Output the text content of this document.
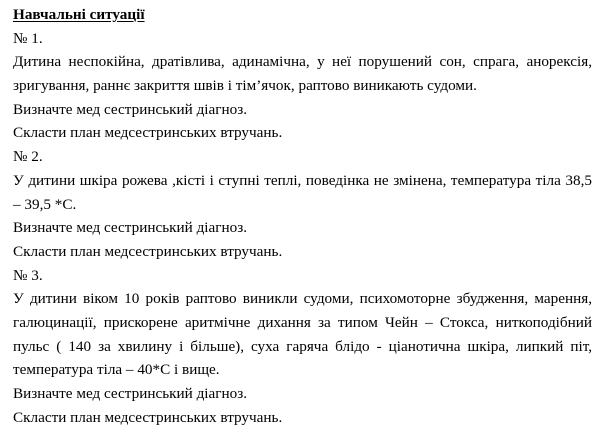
Навчальні ситуації
№ 1.
Дитина неспокійна, дратівлива, адинамічна, у неї порушений сон, спрага, анорексія,
зригування, раннє закриття швів і тім’ячок, раптово виникають судоми.
Визначте мед сестринський діагноз.
Склaсти план медсестринських втручань.
№ 2.
У дитини шкіра рожева ,кісті і ступні теплі, поведінка не змінена, температура тіла 38,5
– 39,5 *С.
Визначте мед сестринський діагноз.
Склaсти план медсестринських втручань.
№ 3.
У дитини віком 10 років раптово виникли судоми, психомоторне збудження, марення,
галюцинації, прискорене аритмічне дихання за типом Чейн – Стокса, ниткоподібний
пульс ( 140 за хвилину і більше), суха гаряча блідо - ціанотична шкіра, липкий піт,
температура тіла – 40*С і вище.
Визначте мед сестринський діагноз.
Склaсти план медсестринських втручань.
